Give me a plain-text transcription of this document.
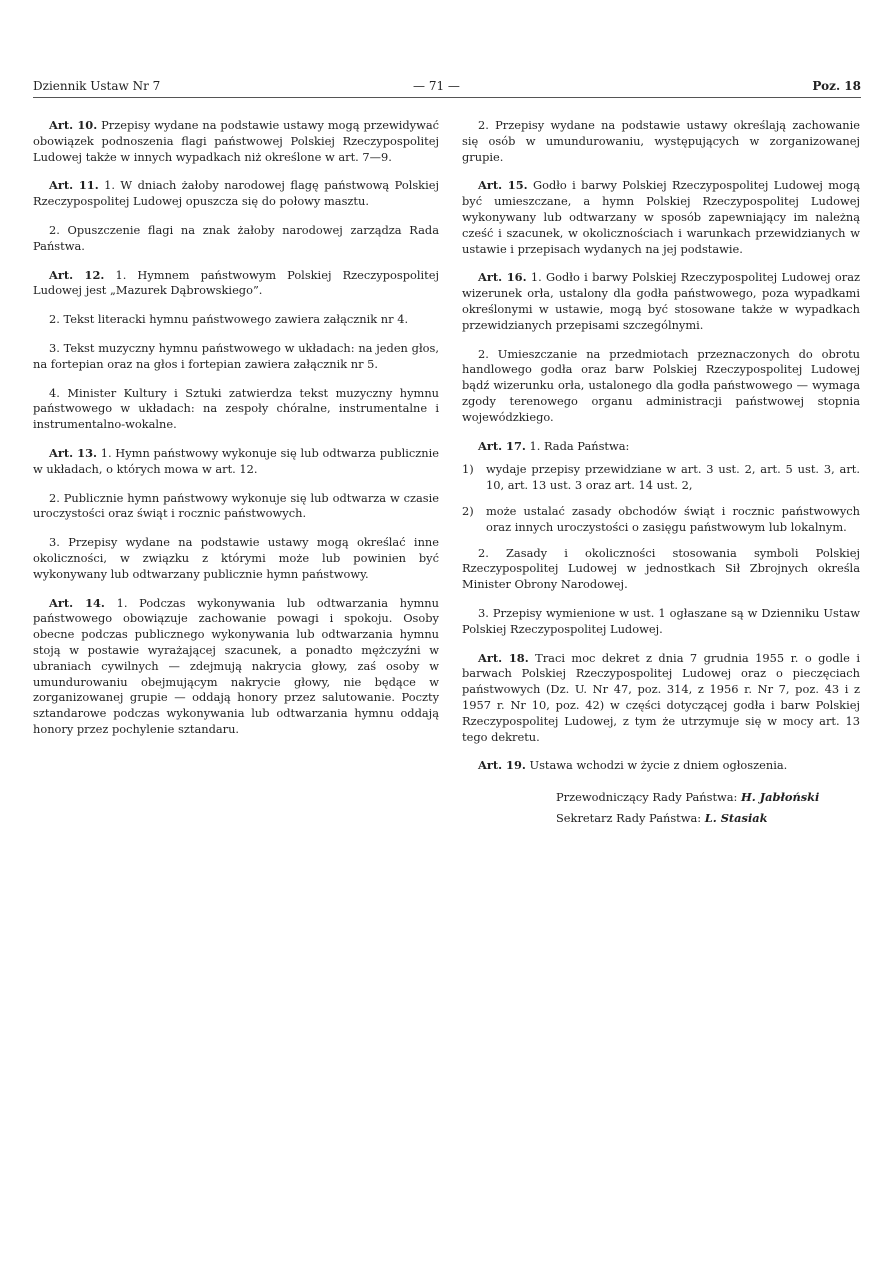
Dziennik Ustaw Nr 7	— 71 —	Poz. 18

Art. 10. Przepisy wydane na podstawie ustawy mogą przewidywać obowiązek podnoszenia flagi państwowej Polskiej Rzeczypospolitej Ludowej także w innych wypadkach niż określone w art. 7—9.

Art. 11. 1. W dniach żałoby narodowej flagę państwową Polskiej Rzeczypospolitej Ludowej opuszcza się do połowy masztu.

2. Opuszczenie flagi na znak żałoby narodowej zarządza Rada Państwa.

Art. 12. 1. Hymnem państwowym Polskiej Rzeczypospolitej Ludowej jest „Mazurek Dąbrowskiego”.

2. Tekst literacki hymnu państwowego zawiera załącznik nr 4.

3. Tekst muzyczny hymnu państwowego w układach: na jeden głos, na fortepian oraz na głos i fortepian zawiera załącznik nr 5.

4. Minister Kultury i Sztuki zatwierdza tekst muzyczny hymnu państwowego w układach: na zespoły chóralne, instrumentalne i instrumentalno-wokalne.

Art. 13. 1. Hymn państwowy wykonuje się lub odtwarza publicznie w układach, o których mowa w art. 12.

2. Publicznie hymn państwowy wykonuje się lub odtwarza w czasie uroczystości oraz świąt i rocznic państwowych.

3. Przepisy wydane na podstawie ustawy mogą określać inne okoliczności, w związku z którymi może lub powinien być wykonywany lub odtwarzany publicznie hymn państwowy.

Art. 14. 1. Podczas wykonywania lub odtwarzania hymnu państwowego obowiązuje zachowanie powagi i spokoju. Osoby obecne podczas publicznego wykonywania lub odtwarzania hymnu stoją w postawie wyrażającej szacunek, a ponadto mężczyźni w ubraniach cywilnych — zdejmują nakrycia głowy, zaś osoby w umundurowaniu obejmującym nakrycie głowy, nie będące w zorganizowanej grupie — oddają honory przez salutowanie. Poczty sztandarowe podczas wykonywania lub odtwarzania hymnu oddają honory przez pochylenie sztandaru.

2. Przepisy wydane na podstawie ustawy określają zachowanie się osób w umundurowaniu, występujących w zorganizowanej grupie.

Art. 15. Godło i barwy Polskiej Rzeczypospolitej Ludowej mogą być umieszczane, a hymn Polskiej Rzeczypospolitej Ludowej wykonywany lub odtwarzany w sposób zapewniający im należną cześć i szacunek, w okolicznościach i warunkach przewidzianych w ustawie i przepisach wydanych na jej podstawie.

Art. 16. 1. Godło i barwy Polskiej Rzeczypospolitej Ludowej oraz wizerunek orła, ustalony dla godła państwowego, poza wypadkami określonymi w ustawie, mogą być stosowane także w wypadkach przewidzianych przepisami szczególnymi.

2. Umieszczanie na przedmiotach przeznaczonych do obrotu handlowego godła oraz barw Polskiej Rzeczypospolitej Ludowej bądź wizerunku orła, ustalonego dla godła państwowego — wymaga zgody terenowego organu administracji państwowej stopnia wojewódzkiego.

Art. 17. 1. Rada Państwa:

1)	wydaje przepisy przewidziane w art. 3 ust. 2, art. 5 ust. 3, art. 10, art. 13 ust. 3 oraz art. 14 ust. 2,
2)	może ustalać zasady obchodów świąt i rocznic państwowych oraz innych uroczystości o zasięgu państwowym lub lokalnym.

2. Zasady i okoliczności stosowania symboli Polskiej Rzeczypospolitej Ludowej w jednostkach Sił Zbrojnych określa Minister Obrony Narodowej.

3. Przepisy wymienione w ust. 1 ogłaszane są w Dzienniku Ustaw Polskiej Rzeczypospolitej Ludowej.

Art. 18. Traci moc dekret z dnia 7 grudnia 1955 r. o godle i barwach Polskiej Rzeczypospolitej Ludowej oraz o pieczęciach państwowych (Dz. U. Nr 47, poz. 314, z 1956 r. Nr 7, poz. 43 i z 1957 r. Nr 10, poz. 42) w części dotyczącej godła i barw Polskiej Rzeczypospolitej Ludowej, z tym że utrzymuje się w mocy art. 13 tego dekretu.

Art. 19. Ustawa wchodzi w życie z dniem ogłoszenia.

Przewodniczący Rady Państwa: H. Jabłoński

Sekretarz Rady Państwa: L. Stasiak
